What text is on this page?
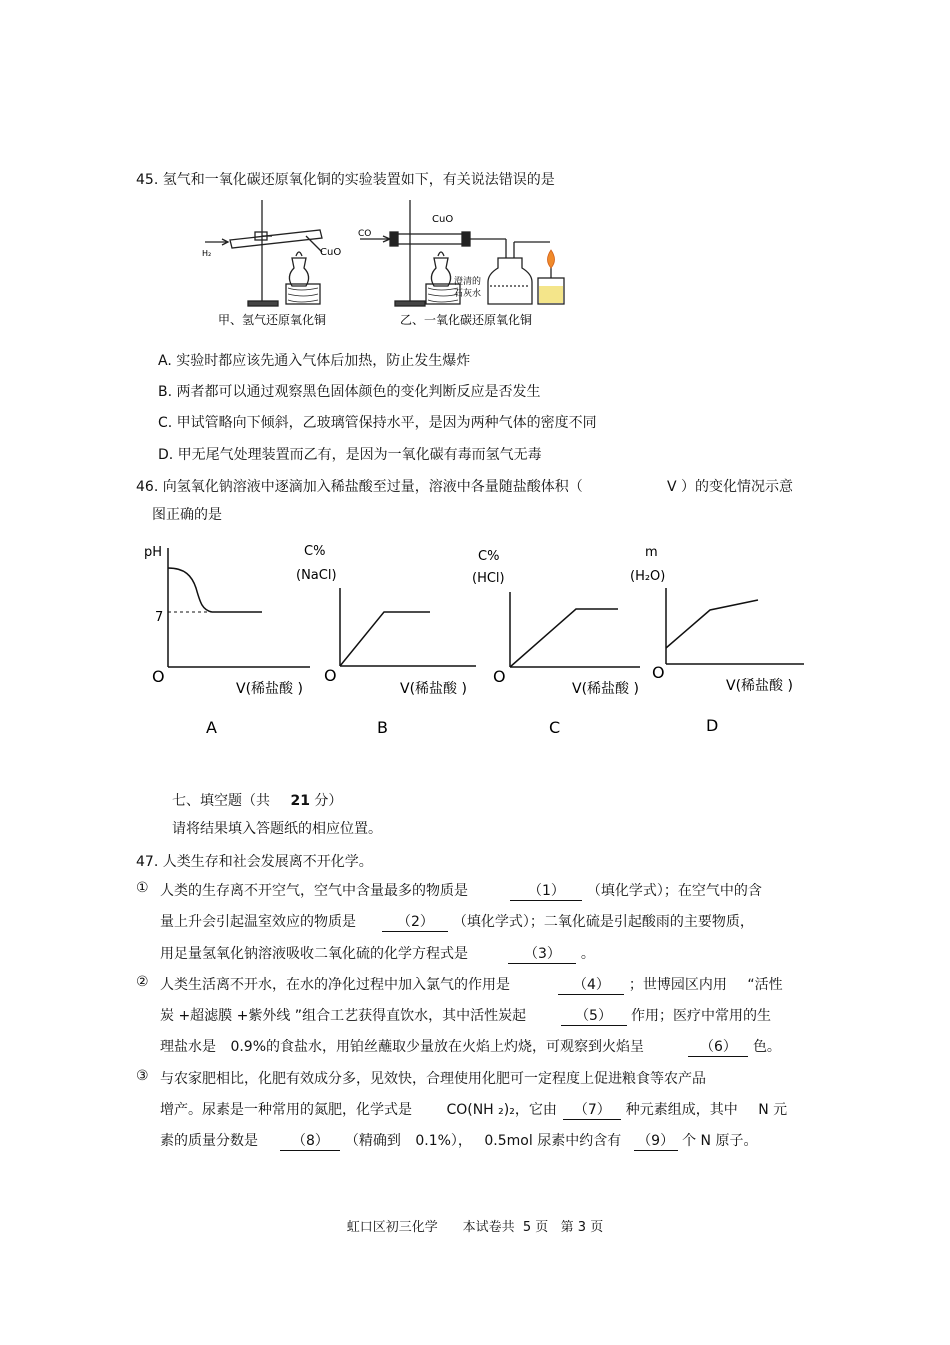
45. 氢气和一氧化碳还原氧化铜的实验装置如下，有关说法错误的是
H₂	CuO
CO
CuO
澄清的
石灰水
甲、氢气还原氧化铜	乙、一氧化碳还原氧化铜
A. 实验时都应该先通入气体后加热，防止发生爆炸
B. 两者都可以通过观察黑色固体颜色的变化判断反应是否发生
C. 甲试管略向下倾斜，乙玻璃管保持水平，是因为两种气体的密度不同
D. 甲无尾气处理装置而乙有，是因为一氧化碳有毒而氢气无毒
46. 向氢氧化钠溶液中逐滴加入稀盐酸至过量，溶液中各量随盐酸体积（	V ）的变化情况示意
图正确的是
pH
7
O
V(稀盐酸 )
A
C%
(NaCl)
O
V(稀盐酸 )
B
C%
(HCl)
O
V(稀盐酸 )
C
m
(H₂O)
O
V(稀盐酸 )
D
七、填空题（共 21 分）
请将结果填入答题纸的相应位置。
47. 人类生存和社会发展离不开化学。
① 人类的生存离不开空气，空气中含量最多的物质是	（1） （填化学式）；在空气中的含
量上升会引起温室效应的物质是	（2） （填化学式）；二氧化硫是引起酸雨的主要物质，
用足量氢氧化钠溶液吸收二氧化硫的化学方程式是	（3） 。
② 人类生活离不开水，在水的净化过程中加入氯气的作用是	（4） ；世博园区内用 “活性
炭 +超滤膜 +紫外线 ”组合工艺获得直饮水，其中活性炭起	（5） 作用；医疗中常用的生
理盐水是 0.9%的食盐水，用铂丝蘸取少量放在火焰上灼烧，可观察到火焰呈	（6） 色。
③ 与农家肥相比，化肥有效成分多，见效快，合理使用化肥可一定程度上促进粮食等农产品
增产。尿素是一种常用的氮肥，化学式是 CO(NH ₂)₂，它由 （7） 种元素组成，其中 N 元
素的质量分数是 （8） （精确到 0.1%）， 0.5mol 尿素中约含有 （9） 个 N 原子。
虹口区初三化学      本试卷共  5 页   第 3 页
